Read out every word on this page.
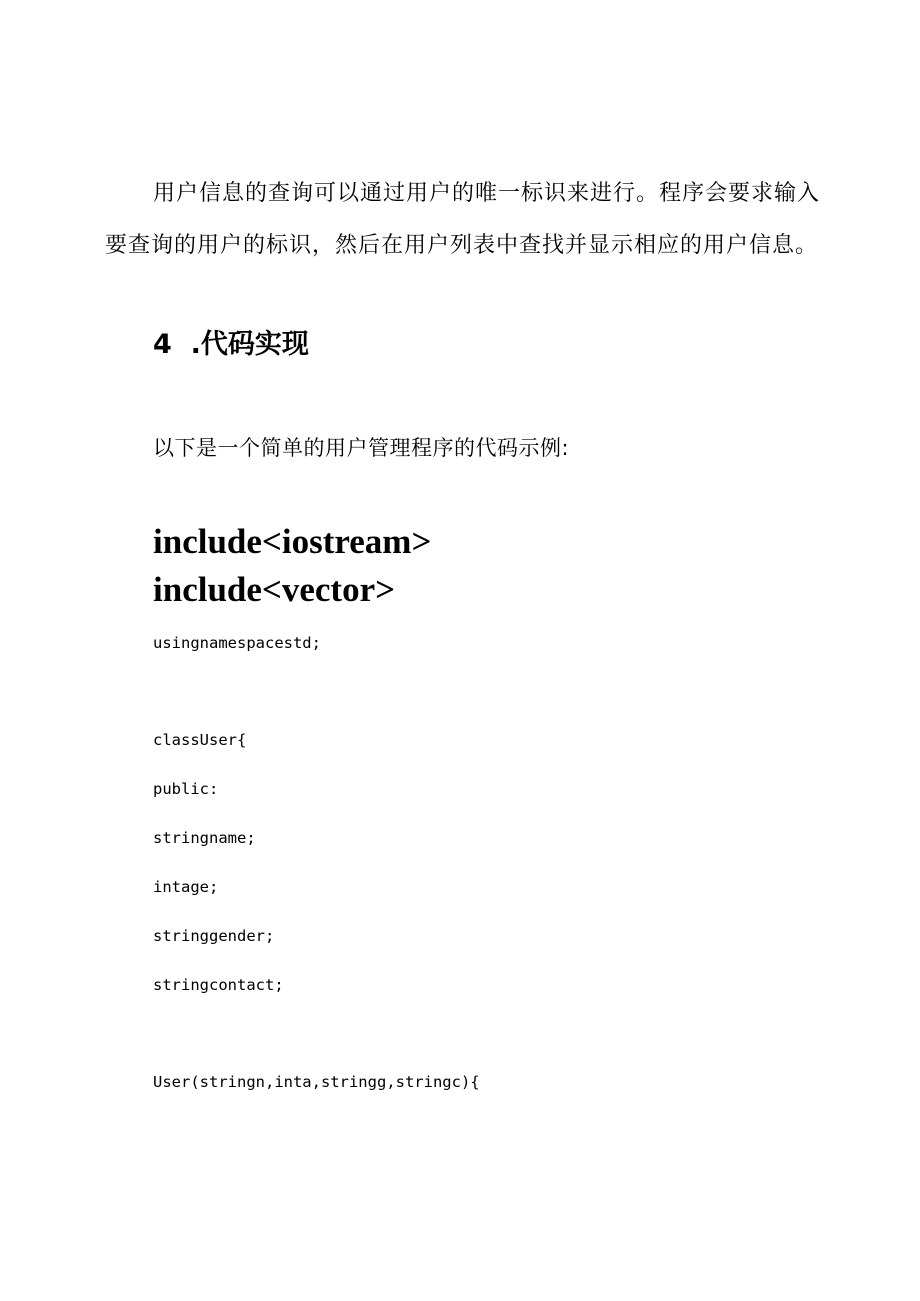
用户信息的查询可以通过用户的唯一标识来进行。程序会要求输入要查询的用户的标识，然后在用户列表中查找并显示相应的用户信息。

4 .代码实现

以下是一个简单的用户管理程序的代码示例:

include<iostream>
include<vector>
usingnamespacestd;
classUser{
public:
stringname;
intage;
stringgender;
stringcontact;
User(stringn,inta,stringg,stringc){
